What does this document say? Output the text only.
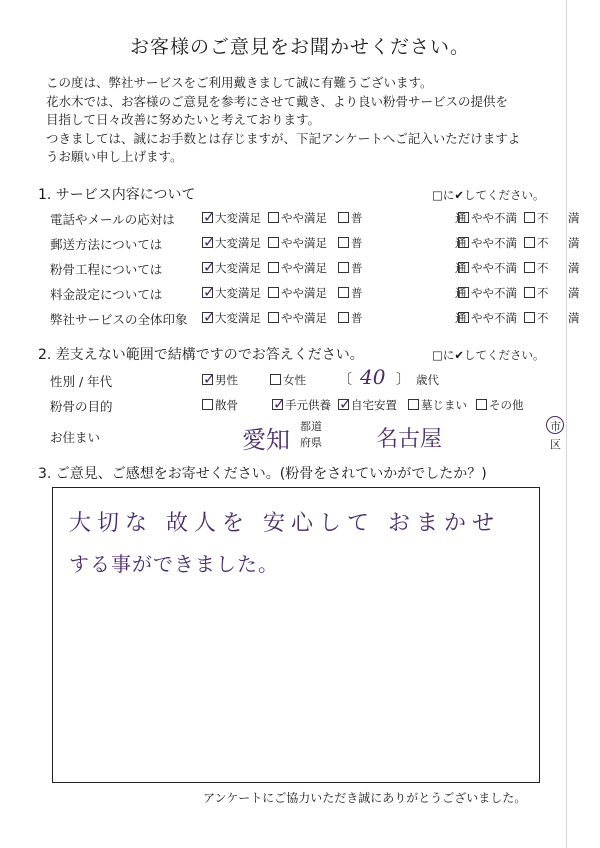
お客様のご意見をお聞かせください。

この度は、弊社サービスをご利用戴きまして誠に有難うございます。

花水木では、お客様のご意見を参考にさせて戴き、より良い粉骨サービスの提供を

目指して日々改善に努めたいと考えております。

つきましては、誠にお手数とは存じますが、下記アンケートへご記入いただけますよ

うお願い申し上げます。

1. サービス内容について	□に✔してください。
電話やメールの応対は ✓ 大変満足	やや満足	普	通 やや不満	不 満
郵送方法については	✓ 大変満足	やや満足	普	通 やや不満	不 満
粉骨工程については	✓ 大変満足	やや満足	普	通 やや不満	不 満
料金設定については	✓ 大変満足	やや満足	普	通 やや不満	不 満
弊社サービスの全体印象 ✓ 大変満足	やや満足	普	通 やや不満	不 満
2. 差支えない範囲で結構ですのでお答えください。	□に✔してください。
性別 / 年代	✓ 男性	女性 〔 40 〕 歳代
粉骨の目的	散骨 ✓ 手元供養 ✓ 自宅安置	墓じまい	その他
お住まい	愛知 都道
府県 名古屋
市
区
3. ご意見、ご感想をお寄せください。(粉骨をされていかがでしたか？)
大切な 故人を 安心して おまかせ
する事ができました。
アンケートにご協力いただき誠にありがとうございました。
